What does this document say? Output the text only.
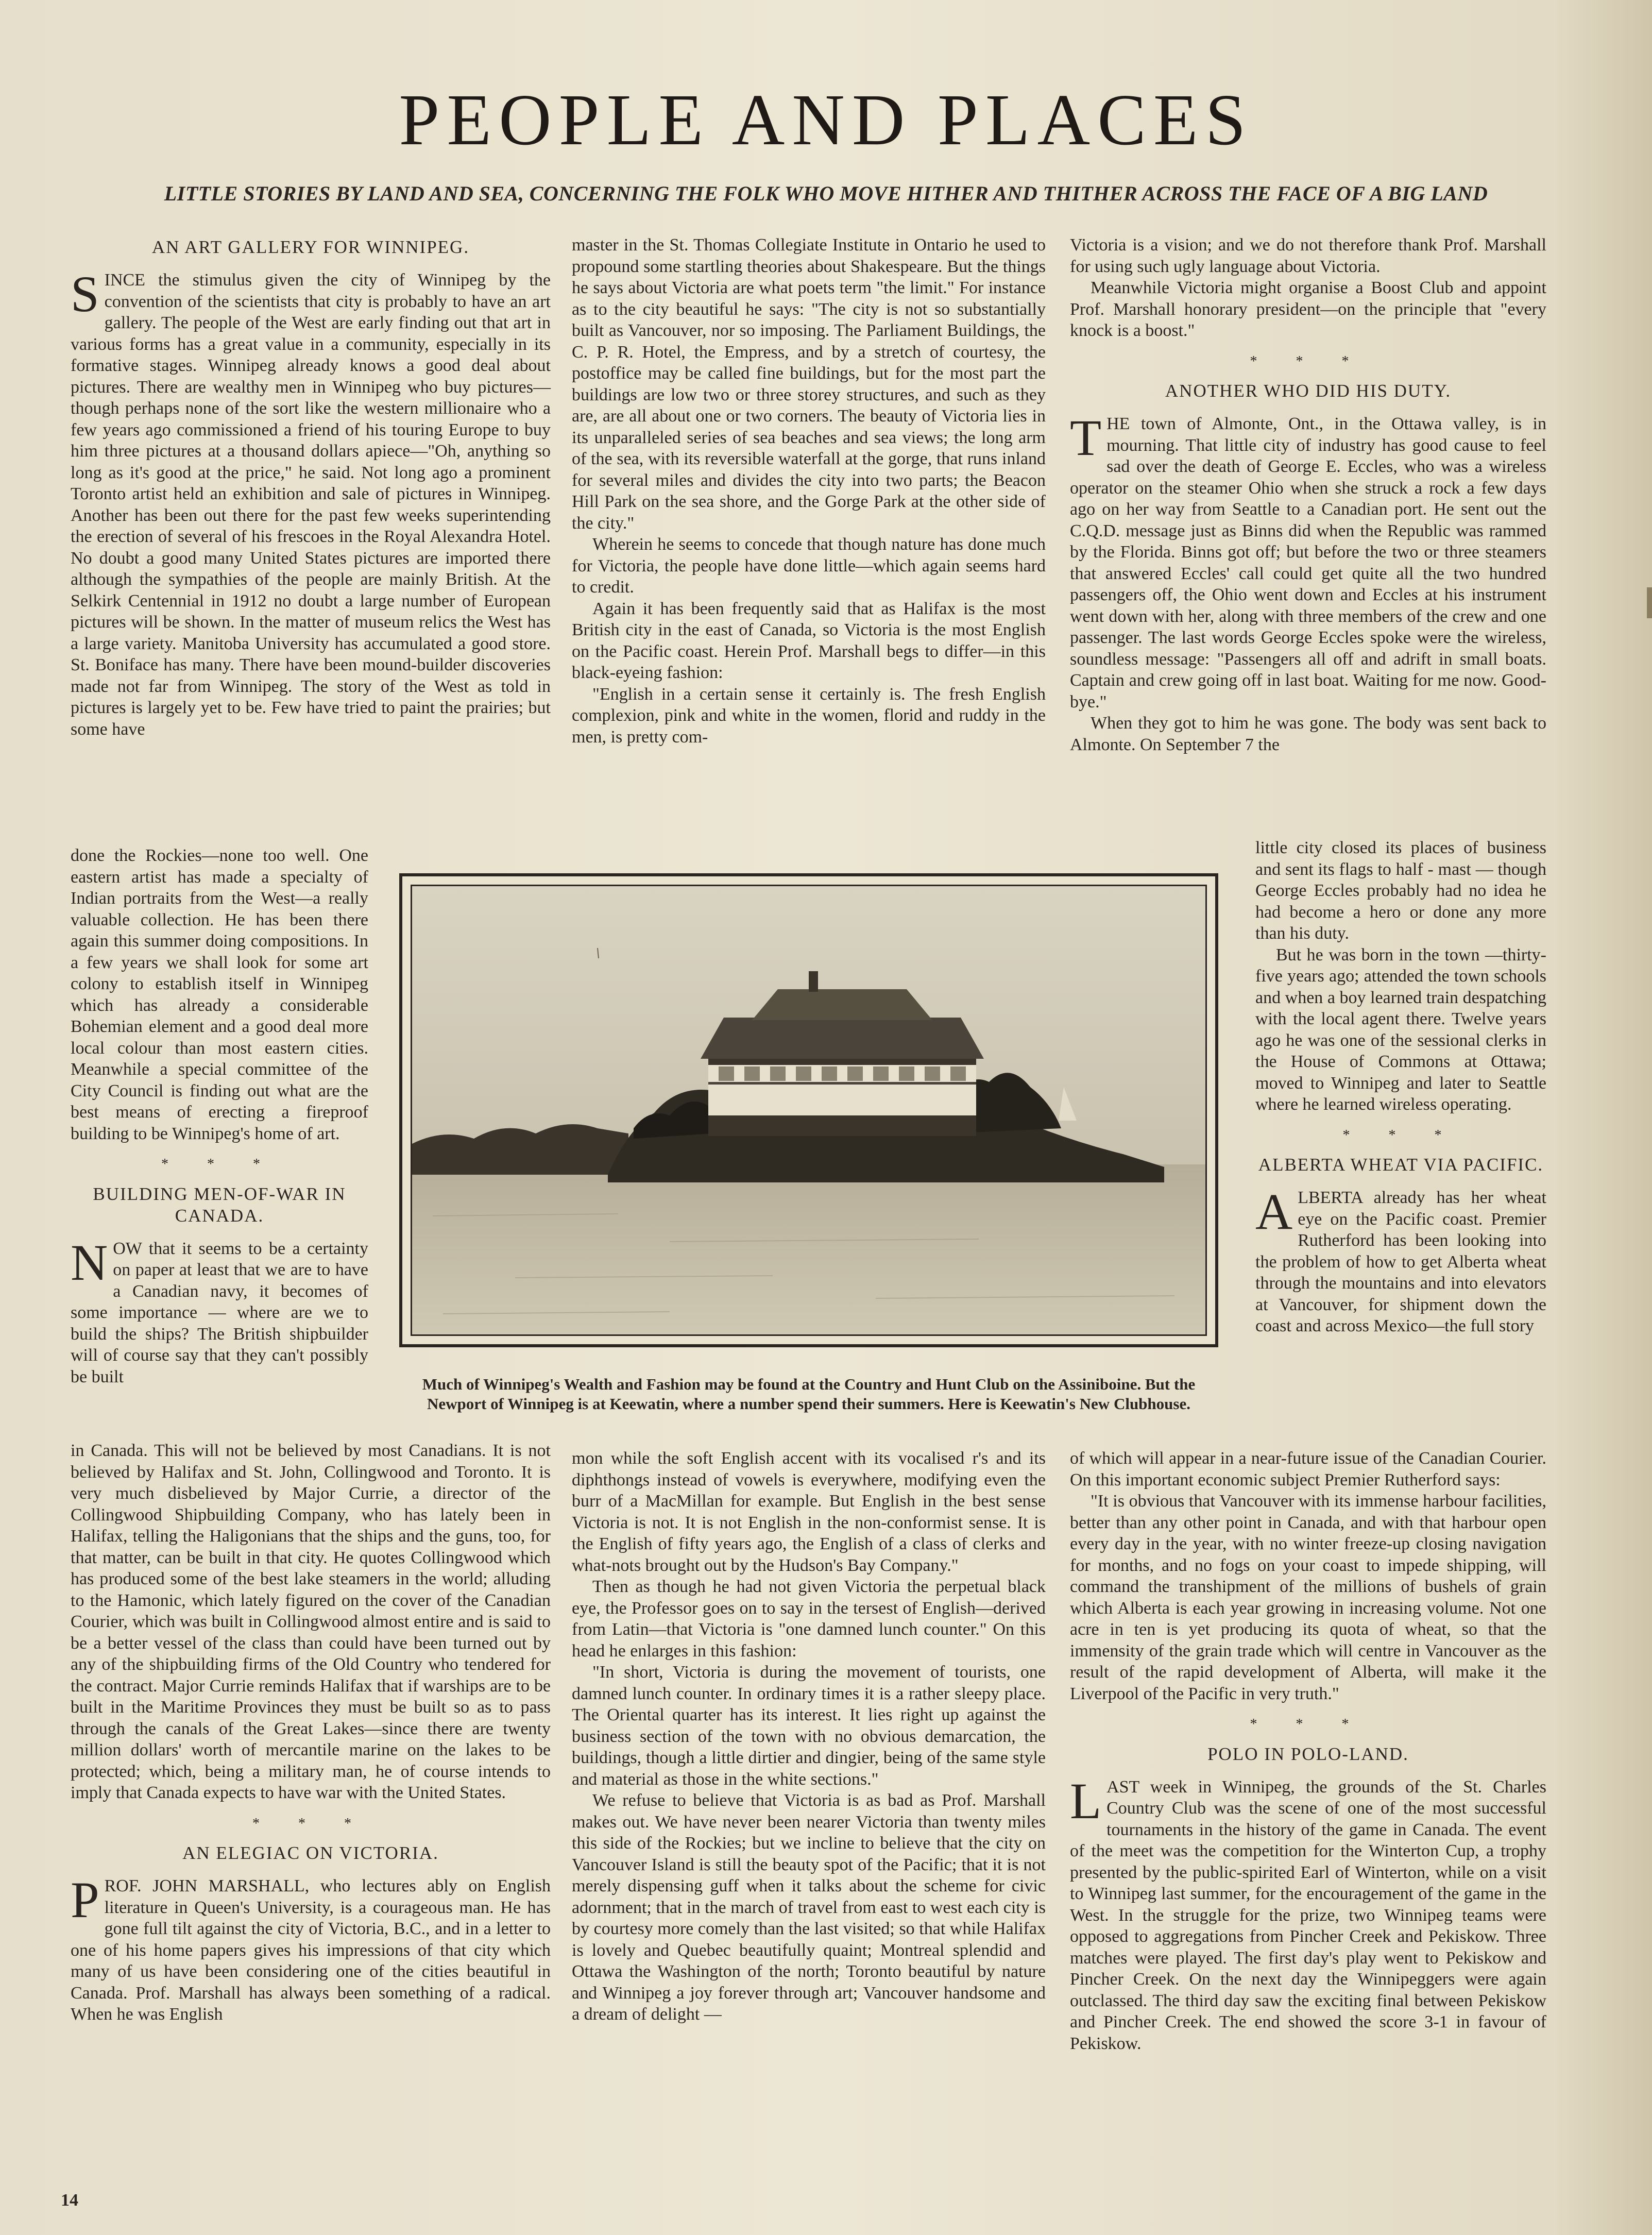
PEOPLE AND PLACES
LITTLE STORIES BY LAND AND SEA, CONCERNING THE FOLK WHO MOVE HITHER AND THITHER ACROSS THE FACE OF A BIG LAND
AN ART GALLERY FOR WINNIPEG.

SINCE the stimulus given the city of Winnipeg by the convention of the scientists that city is probably to have an art gallery. The people of the West are early finding out that art in various forms has a great value in a community, especially in its formative stages. Winnipeg already knows a good deal about pictures. There are wealthy men in Winnipeg who buy pictures—though perhaps none of the sort like the western millionaire who a few years ago commissioned a friend of his touring Europe to buy him three pictures at a thousand dollars apiece—"Oh, anything so long as it's good at the price," he said. Not long ago a prominent Toronto artist held an exhibition and sale of pictures in Winnipeg. Another has been out there for the past few weeks superintending the erection of several of his frescoes in the Royal Alexandra Hotel. No doubt a good many United States pictures are imported there although the sympathies of the people are mainly British. At the Selkirk Centennial in 1912 no doubt a large number of European pictures will be shown. In the matter of museum relics the West has a large variety. Manitoba University has accumulated a good store. St. Boniface has many. There have been mound-builder discoveries made not far from Winnipeg. The story of the West as told in pictures is largely yet to be. Few have tried to paint the prairies; but some have

done the Rockies—none too well. One eastern artist has made a specialty of Indian portraits from the West—a really valuable collection. He has been there again this summer doing compositions. In a few years we shall look for some art colony to establish itself in Winnipeg which has already a considerable Bohemian element and a good deal more local colour than most eastern cities. Meanwhile a special committee of the City Council is finding out what are the best means of erecting a fireproof building to be Winnipeg's home of art.

* * *
BUILDING MEN-OF-WAR IN CANADA.

NOW that it seems to be a certainty on paper at least that we are to have a Canadian navy, it becomes of some importance — where are we to build the ships? The British shipbuilder will of course say that they can't possibly be built

in Canada. This will not be believed by most Canadians. It is not believed by Halifax and St. John, Collingwood and Toronto. It is very much disbelieved by Major Currie, a director of the Collingwood Shipbuilding Company, who has lately been in Halifax, telling the Haligonians that the ships and the guns, too, for that matter, can be built in that city. He quotes Collingwood which has produced some of the best lake steamers in the world; alluding to the Hamonic, which lately figured on the cover of the Canadian Courier, which was built in Collingwood almost entire and is said to be a better vessel of the class than could have been turned out by any of the shipbuilding firms of the Old Country who tendered for the contract. Major Currie reminds Halifax that if warships are to be built in the Maritime Provinces they must be built so as to pass through the canals of the Great Lakes—since there are twenty million dollars' worth of mercantile marine on the lakes to be protected; which, being a military man, he of course intends to imply that Canada expects to have war with the United States.

* * *
AN ELEGIAC ON VICTORIA.

PROF. JOHN MARSHALL, who lectures ably on English literature in Queen's University, is a courageous man. He has gone full tilt against the city of Victoria, B.C., and in a letter to one of his home papers gives his impressions of that city which many of us have been considering one of the cities beautiful in Canada. Prof. Marshall has always been something of a radical. When he was English

master in the St. Thomas Collegiate Institute in Ontario he used to propound some startling theories about Shakespeare. But the things he says about Victoria are what poets term "the limit." For instance as to the city beautiful he says: "The city is not so substantially built as Vancouver, nor so imposing. The Parliament Buildings, the C. P. R. Hotel, the Empress, and by a stretch of courtesy, the postoffice may be called fine buildings, but for the most part the buildings are low two or three storey structures, and such as they are, are all about one or two corners. The beauty of Victoria lies in its unparalleled series of sea beaches and sea views; the long arm of the sea, with its reversible waterfall at the gorge, that runs inland for several miles and divides the city into two parts; the Beacon Hill Park on the sea shore, and the Gorge Park at the other side of the city."

Wherein he seems to concede that though nature has done much for Victoria, the people have done little—which again seems hard to credit.

Again it has been frequently said that as Halifax is the most British city in the east of Canada, so Victoria is the most English on the Pacific coast. Herein Prof. Marshall begs to differ—in this black-eyeing fashion:

"English in a certain sense it certainly is. The fresh English complexion, pink and white in the women, florid and ruddy in the men, is pretty com-

mon while the soft English accent with its vocalised r's and its diphthongs instead of vowels is everywhere, modifying even the burr of a MacMillan for example. But English in the best sense Victoria is not. It is not English in the non-conformist sense. It is the English of fifty years ago, the English of a class of clerks and what-nots brought out by the Hudson's Bay Company."

Then as though he had not given Victoria the perpetual black eye, the Professor goes on to say in the tersest of English—derived from Latin—that Victoria is "one damned lunch counter." On this head he enlarges in this fashion:

"In short, Victoria is during the movement of tourists, one damned lunch counter. In ordinary times it is a rather sleepy place. The Oriental quarter has its interest. It lies right up against the business section of the town with no obvious demarcation, the buildings, though a little dirtier and dingier, being of the same style and material as those in the white sections."

We refuse to believe that Victoria is as bad as Prof. Marshall makes out. We have never been nearer Victoria than twenty miles this side of the Rockies; but we incline to believe that the city on Vancouver Island is still the beauty spot of the Pacific; that it is not merely dispensing guff when it talks about the scheme for civic adornment; that in the march of travel from east to west each city is by courtesy more comely than the last visited; so that while Halifax is lovely and Quebec beautifully quaint; Montreal splendid and Ottawa the Washington of the north; Toronto beautiful by nature and Winnipeg a joy forever through art; Vancouver handsome and a dream of delight —

Victoria is a vision; and we do not therefore thank Prof. Marshall for using such ugly language about Victoria.

Meanwhile Victoria might organise a Boost Club and appoint Prof. Marshall honorary president—on the principle that "every knock is a boost."

* * *
ANOTHER WHO DID HIS DUTY.

THE town of Almonte, Ont., in the Ottawa valley, is in mourning. That little city of industry has good cause to feel sad over the death of George E. Eccles, who was a wireless operator on the steamer Ohio when she struck a rock a few days ago on her way from Seattle to a Canadian port. He sent out the C.Q.D. message just as Binns did when the Republic was rammed by the Florida. Binns got off; but before the two or three steamers that answered Eccles' call could get quite all the two hundred passengers off, the Ohio went down and Eccles at his instrument went down with her, along with three members of the crew and one passenger. The last words George Eccles spoke were the wireless, soundless message: "Passengers all off and adrift in small boats. Captain and crew going off in last boat. Waiting for me now. Good-bye."

When they got to him he was gone. The body was sent back to Almonte. On September 7 the

little city closed its places of business and sent its flags to half - mast — though George Eccles probably had no idea he had become a hero or done any more than his duty.

But he was born in the town —thirty-five years ago; attended the town schools and when a boy learned train despatching with the local agent there. Twelve years ago he was one of the sessional clerks in the House of Commons at Ottawa; moved to Winnipeg and later to Seattle where he learned wireless operating.

* * *
ALBERTA WHEAT VIA PACIFIC.

ALBERTA already has her wheat eye on the Pacific coast. Premier Rutherford has been looking into the problem of how to get Alberta wheat through the mountains and into elevators at Vancouver, for shipment down the coast and across Mexico—the full story

of which will appear in a near-future issue of the Canadian Courier. On this important economic subject Premier Rutherford says:

"It is obvious that Vancouver with its immense harbour facilities, better than any other point in Canada, and with that harbour open every day in the year, with no winter freeze-up closing navigation for months, and no fogs on your coast to impede shipping, will command the transhipment of the millions of bushels of grain which Alberta is each year growing in increasing volume. Not one acre in ten is yet producing its quota of wheat, so that the immensity of the grain trade which will centre in Vancouver as the result of the rapid development of Alberta, will make it the Liverpool of the Pacific in very truth."

* * *
POLO IN POLO-LAND.

LAST week in Winnipeg, the grounds of the St. Charles Country Club was the scene of one of the most successful tournaments in the history of the game in Canada. The event of the meet was the competition for the Winterton Cup, a trophy presented by the public-spirited Earl of Winterton, while on a visit to Winnipeg last summer, for the encouragement of the game in the West. In the struggle for the prize, two Winnipeg teams were opposed to aggregations from Pincher Creek and Pekiskow. Three matches were played. The first day's play went to Pekiskow and Pincher Creek. On the next day the Winnipeggers were again outclassed. The third day saw the exciting final between Pekiskow and Pincher Creek. The end showed the score 3-1 in favour of Pekiskow.

Much of Winnipeg's Wealth and Fashion may be found at the Country and Hunt Club on the Assiniboine. But the Newport of Winnipeg is at Keewatin, where a number spend their summers. Here is Keewatin's New Clubhouse.
14
